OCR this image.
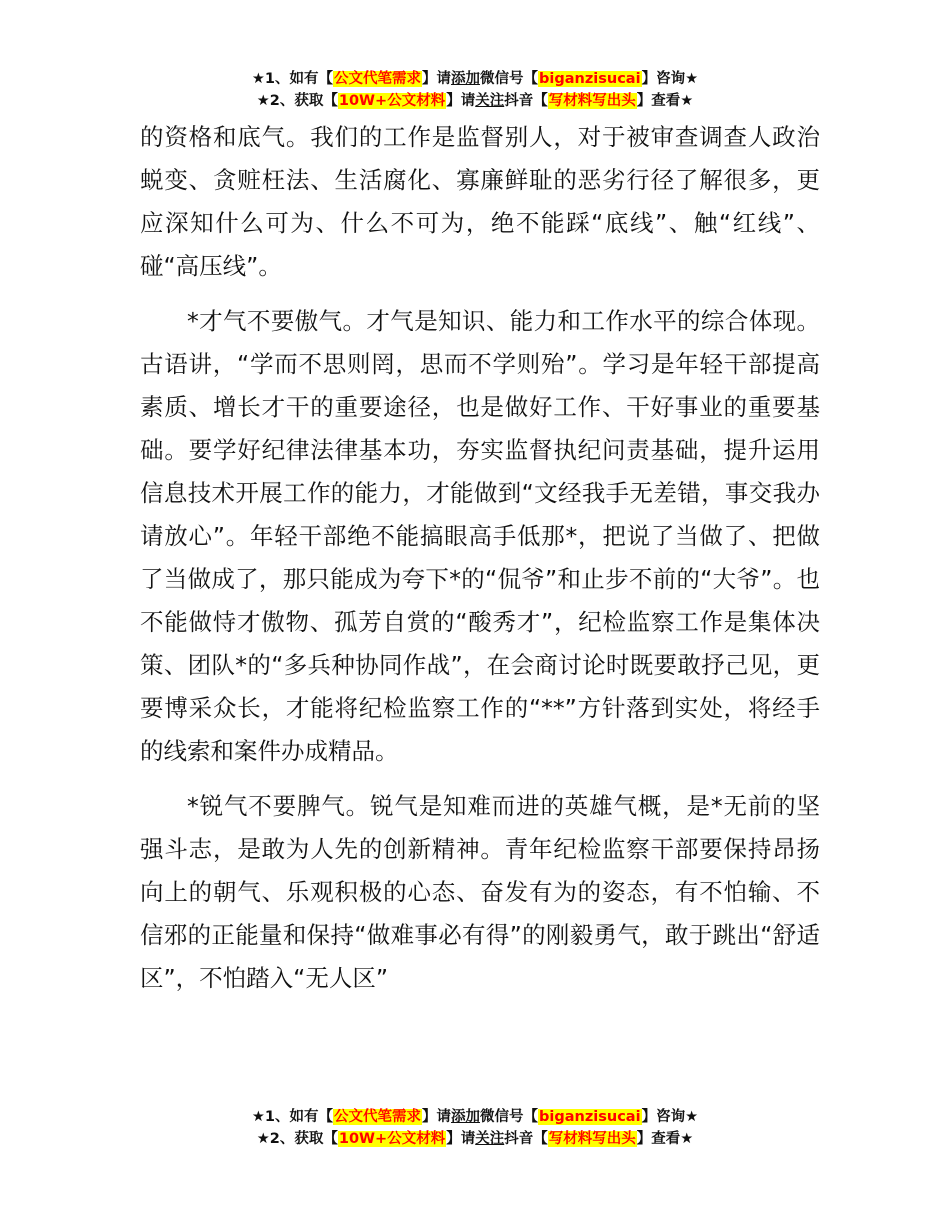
★1、如有【公文代笔需求】请添加微信号【biganzisucai】咨询★
★2、获取【10W+公文材料】请关注抖音【写材料写出头】查看★

的资格和底气。我们的工作是监督别人，对于被审查调查人政治蜕变、贪赃枉法、生活腐化、寡廉鲜耻的恶劣行径了解很多，更应深知什么可为、什么不可为，绝不能踩“底线”、触“红线”、碰“高压线”。

*才气不要傲气。才气是知识、能力和工作水平的综合体现。古语讲，“学而不思则罔，思而不学则殆”。学习是年轻干部提高素质、增长才干的重要途径，也是做好工作、干好事业的重要基础。要学好纪律法律基本功，夯实监督执纪问责基础，提升运用信息技术开展工作的能力，才能做到“文经我手无差错，事交我办请放心”。年轻干部绝不能搞眼高手低那*，把说了当做了、把做了当做成了，那只能成为夸下*的“侃爷”和止步不前的“大爷”。也不能做恃才傲物、孤芳自赏的“酸秀才”，纪检监察工作是集体决策、团队*的“多兵种协同作战”，在会商讨论时既要敢抒己见，更要博采众长，才能将纪检监察工作的“**”方针落到实处，将经手的线索和案件办成精品。

*锐气不要脾气。锐气是知难而进的英雄气概，是*无前的坚强斗志，是敢为人先的创新精神。青年纪检监察干部要保持昂扬向上的朝气、乐观积极的心态、奋发有为的姿态，有不怕输、不信邪的正能量和保持“做难事必有得”的刚毅勇气，敢于跳出“舒适区”，不怕踏入“无人区”

★1、如有【公文代笔需求】请添加微信号【biganzisucai】咨询★
★2、获取【10W+公文材料】请关注抖音【写材料写出头】查看★
